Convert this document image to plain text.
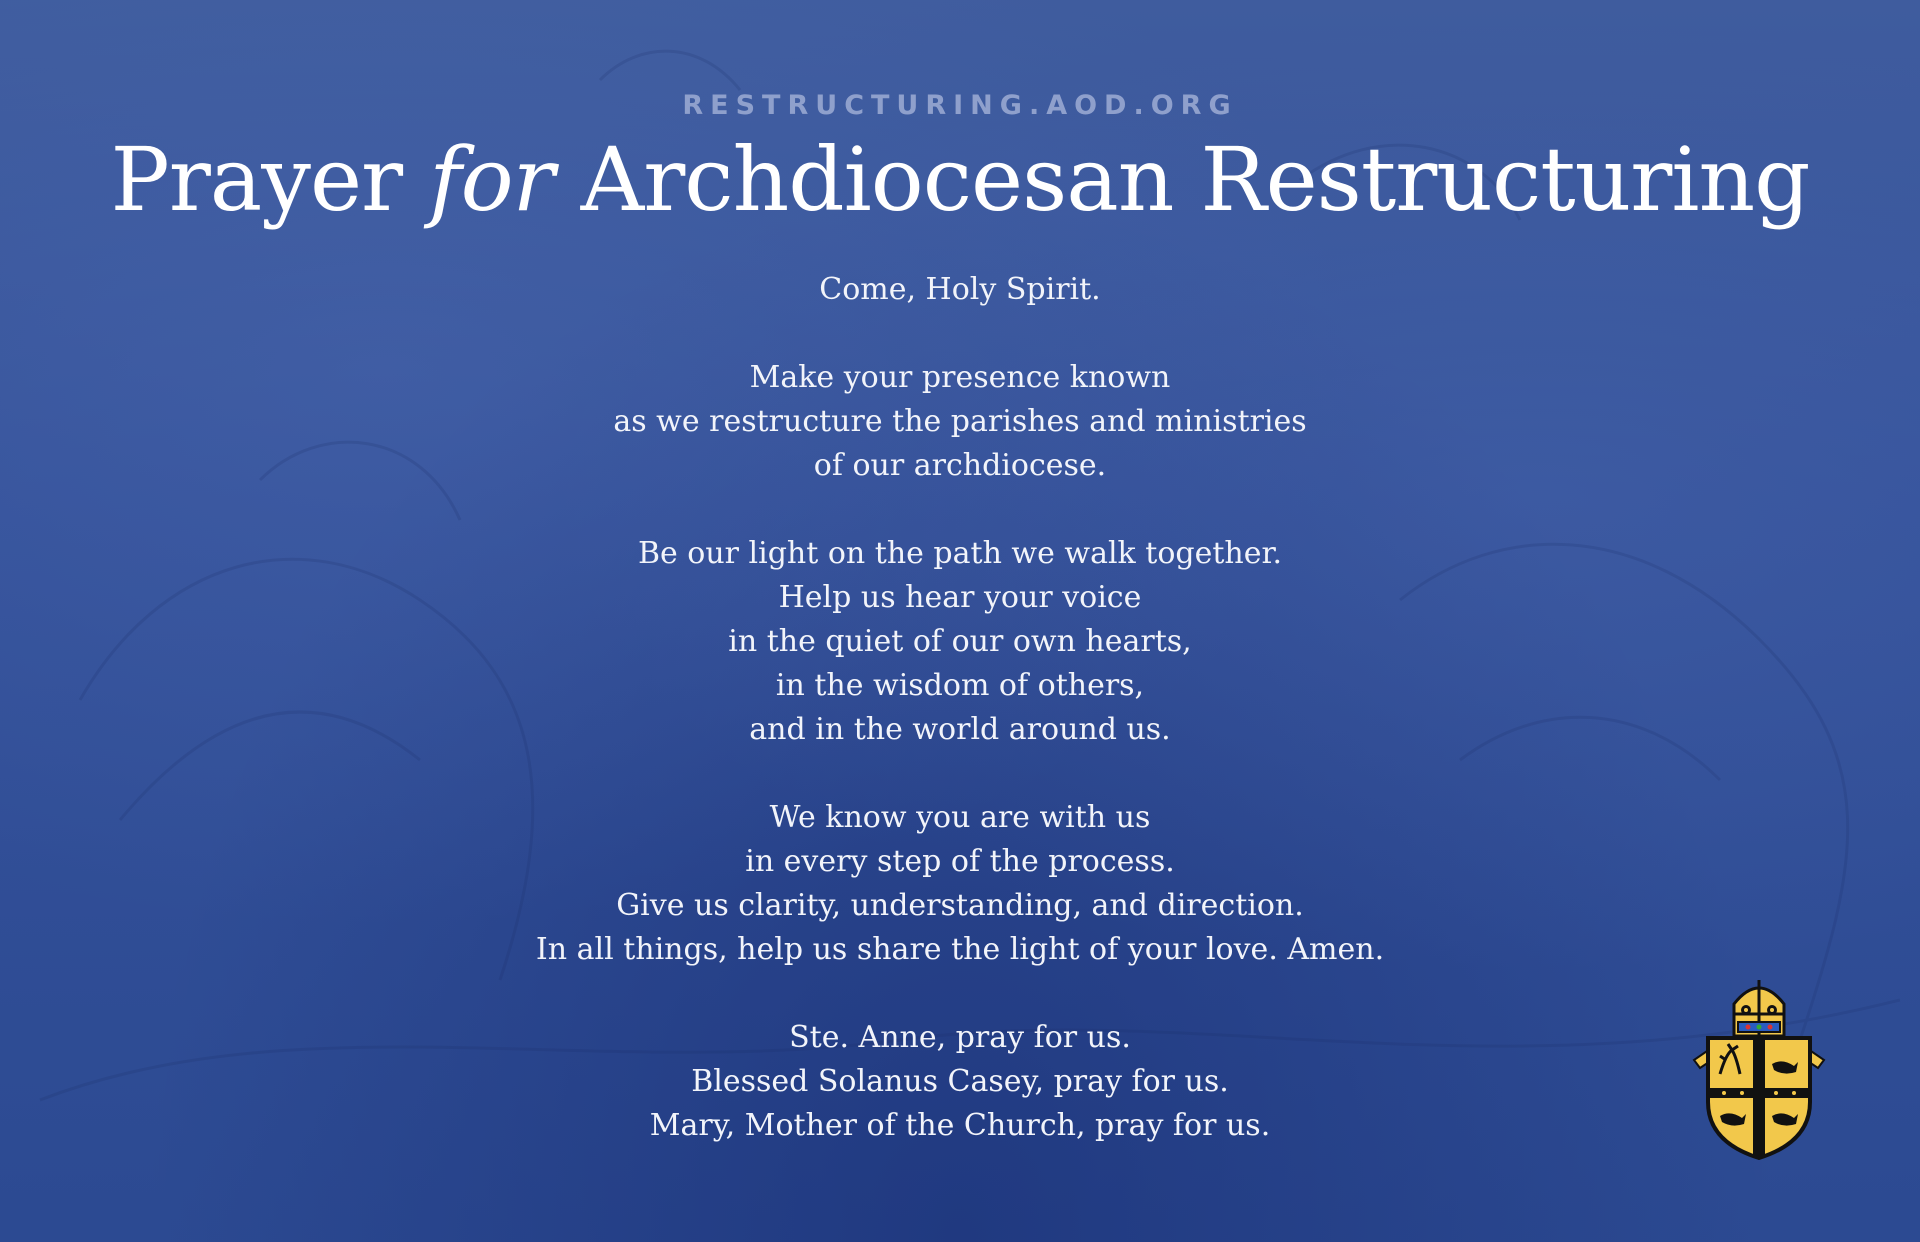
RESTRUCTURING.AOD.ORG
Prayer for Archdiocesan Restructuring
Come, Holy Spirit.
Make your presence known
as we restructure the parishes and ministries
of our archdiocese.
Be our light on the path we walk together.
Help us hear your voice
in the quiet of our own hearts,
in the wisdom of others,
and in the world around us.
We know you are with us
in every step of the process.
Give us clarity, understanding, and direction.
In all things, help us share the light of your love. Amen.
Ste. Anne, pray for us.
Blessed Solanus Casey, pray for us.
Mary, Mother of the Church, pray for us.
